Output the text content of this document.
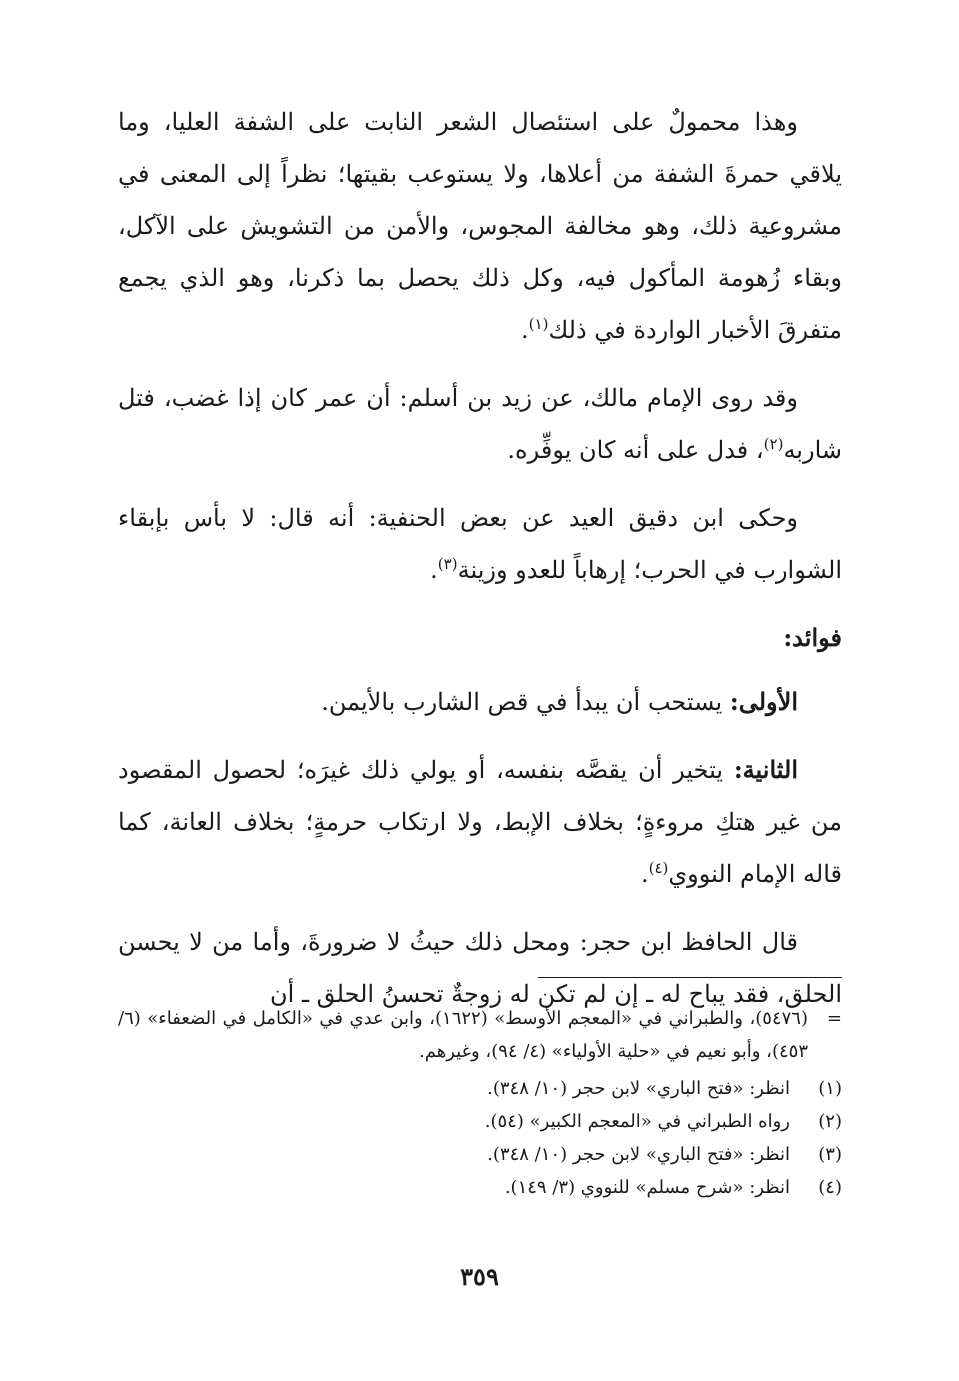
وهذا محمولٌ على استئصال الشعر النابت على الشفة العليا، وما يلاقي حمرةَ الشفة من أعلاها، ولا يستوعب بقيتها؛ نظراً إلى المعنى في مشروعية ذلك، وهو مخالفة المجوس، والأمن من التشويش على الآكل، وبقاء زُهومة المأكول فيه، وكل ذلك يحصل بما ذكرنا، وهو الذي يجمع متفرقَ الأخبار الواردة في ذلك$^{(١)}$.

وقد روى الإمام مالك، عن زيد بن أسلم: أن عمر كان إذا غضب، فتل شاربه$^{(٢)}$، فدل على أنه كان يوفِّره.

وحكى ابن دقيق العيد عن بعض الحنفية: أنه قال: لا بأس بإبقاء الشوارب في الحرب؛ إرهاباً للعدو وزينة$^{(٣)}$.

فوائد:

الأولى: يستحب أن يبدأ في قص الشارب بالأيمن.

الثانية: يتخير أن يقصَّه بنفسه، أو يولي ذلك غيرَه؛ لحصول المقصود من غير هتكِ مروءةٍ؛ بخلاف الإبط، ولا ارتكاب حرمةٍ؛ بخلاف العانة، كما قاله الإمام النووي$^{(٤)}$.

قال الحافظ ابن حجر: ومحل ذلك حيثُ لا ضرورةَ، وأما من لا يحسن الحلق، فقد يباح له ـ إن لم تكن له زوجةٌ تحسنُ الحلق ـ أن

=
(٥٤٧٦)، والطبراني في «المعجم الأوسط» (١٦٢٢)، وابن عدي في «الكامل في الضعفاء» (٦/ ٤٥٣)، وأبو نعيم في «حلية الأولياء» (٤/ ٩٤)، وغيرهم.
(١)
انظر: «فتح الباري» لابن حجر (١٠/ ٣٤٨).
(٢)
رواه الطبراني في «المعجم الكبير» (٥٤).
(٣)
انظر: «فتح الباري» لابن حجر (١٠/ ٣٤٨).
(٤)
انظر: «شرح مسلم» للنووي (٣/ ١٤٩).
٣٥٩
